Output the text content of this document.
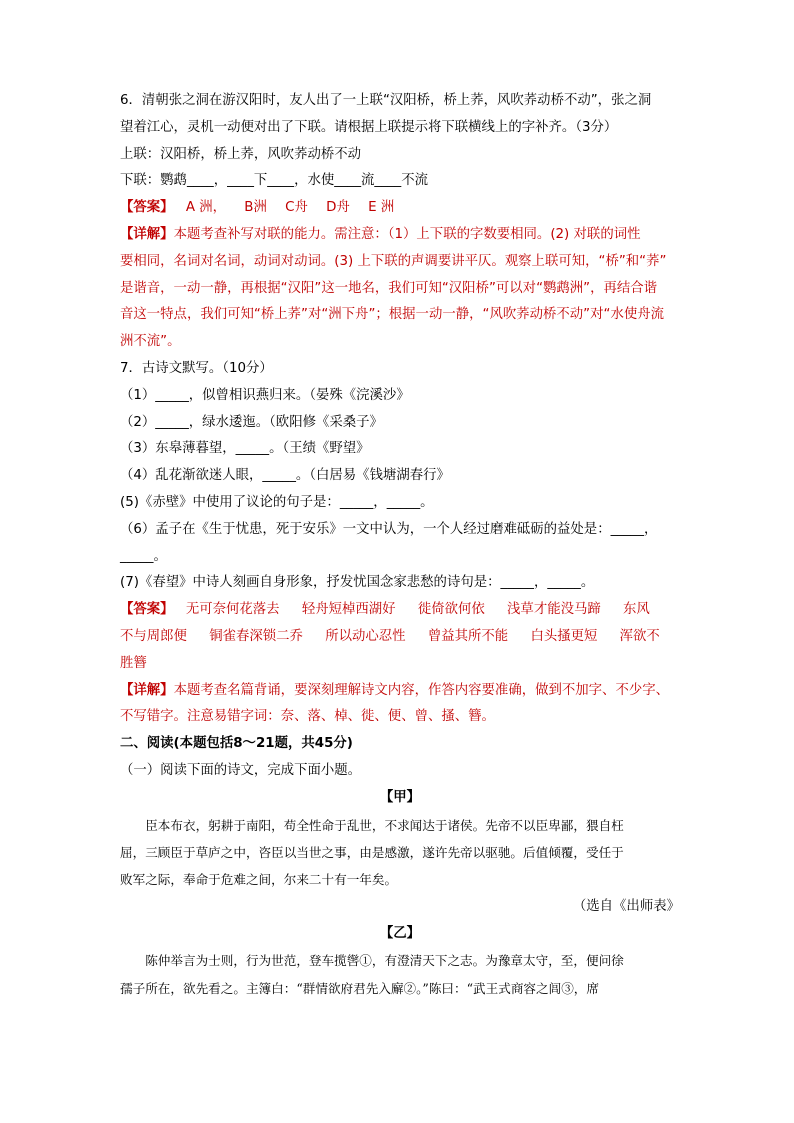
6．清朝张之洞在游汉阳时，友人出了一上联“汉阳桥，桥上荞，风吹荞动桥不动”，张之洞

望着江心，灵机一动便对出了下联。请根据上联提示将下联横线上的字补齐。（3分）

上联：汉阳桥，桥上荞，风吹荞动桥不动

下联：鹦鹉____，____下____，水使____流____不流

【答案】 A 洲， B洲 C舟 D舟 E 洲

【详解】本题考查补写对联的能力。需注意：（1）上下联的字数要相同。(2) 对联的词性

要相同，名词对名词，动词对动词。(3) 上下联的声调要讲平仄。观察上联可知，“桥”和“荞”

是谐音，一动一静，再根据“汉阳”这一地名，我们可知“汉阳桥”可以对“鹦鹉洲”，再结合谐

音这一特点，我们可知“桥上荞”对“洲下舟”；根据一动一静，“风吹荞动桥不动”对“水使舟流

洲不流”。

7．古诗文默写。（10分）

（1）_____，似曾相识燕归来。（晏殊《浣溪沙》

（2）_____，绿水逶迤。（欧阳修《采桑子》

（3）东皋薄暮望，_____。（王绩《野望》

（4）乱花渐欲迷人眼，_____。（白居易《钱塘湖春行》

(5)《赤壁》中使用了议论的句子是：_____，_____。

（6）孟子在《生于忧患，死于安乐》一文中认为，一个人经过磨难砥砺的益处是：_____，

_____。

(7)《春望》中诗人刻画自身形象，抒发忧国念家悲愁的诗句是：_____，_____。

【答案】 无可奈何花落去 轻舟短棹西湖好 徙倚欲何依 浅草才能没马蹄 东风

不与周郎便 铜雀春深锁二乔 所以动心忍性 曾益其所不能 白头搔更短 浑欲不

胜簪

【详解】本题考查名篇背诵，要深刻理解诗文内容，作答内容要准确，做到不加字、不少字、

不写错字。注意易错字词：奈、落、棹、徙、便、曾、搔、簪。

二、阅读(本题包括8～21题，共45分)

（一）阅读下面的诗文，完成下面小题。

【甲】

臣本布衣，躬耕于南阳，苟全性命于乱世，不求闻达于诸侯。先帝不以臣卑鄙，猥自枉

屈，三顾臣于草庐之中，咨臣以当世之事，由是感激，遂许先帝以驱驰。后值倾覆，受任于

败军之际，奉命于危难之间，尔来二十有一年矣。

（选自《出师表》

【乙】

陈仲举言为士则，行为世范，登车揽辔①，有澄清天下之志。为豫章太守，至，便问徐

孺子所在，欲先看之。主簿白：“群情欲府君先入廨②。”陈曰：“武王式商容之闾③，席
